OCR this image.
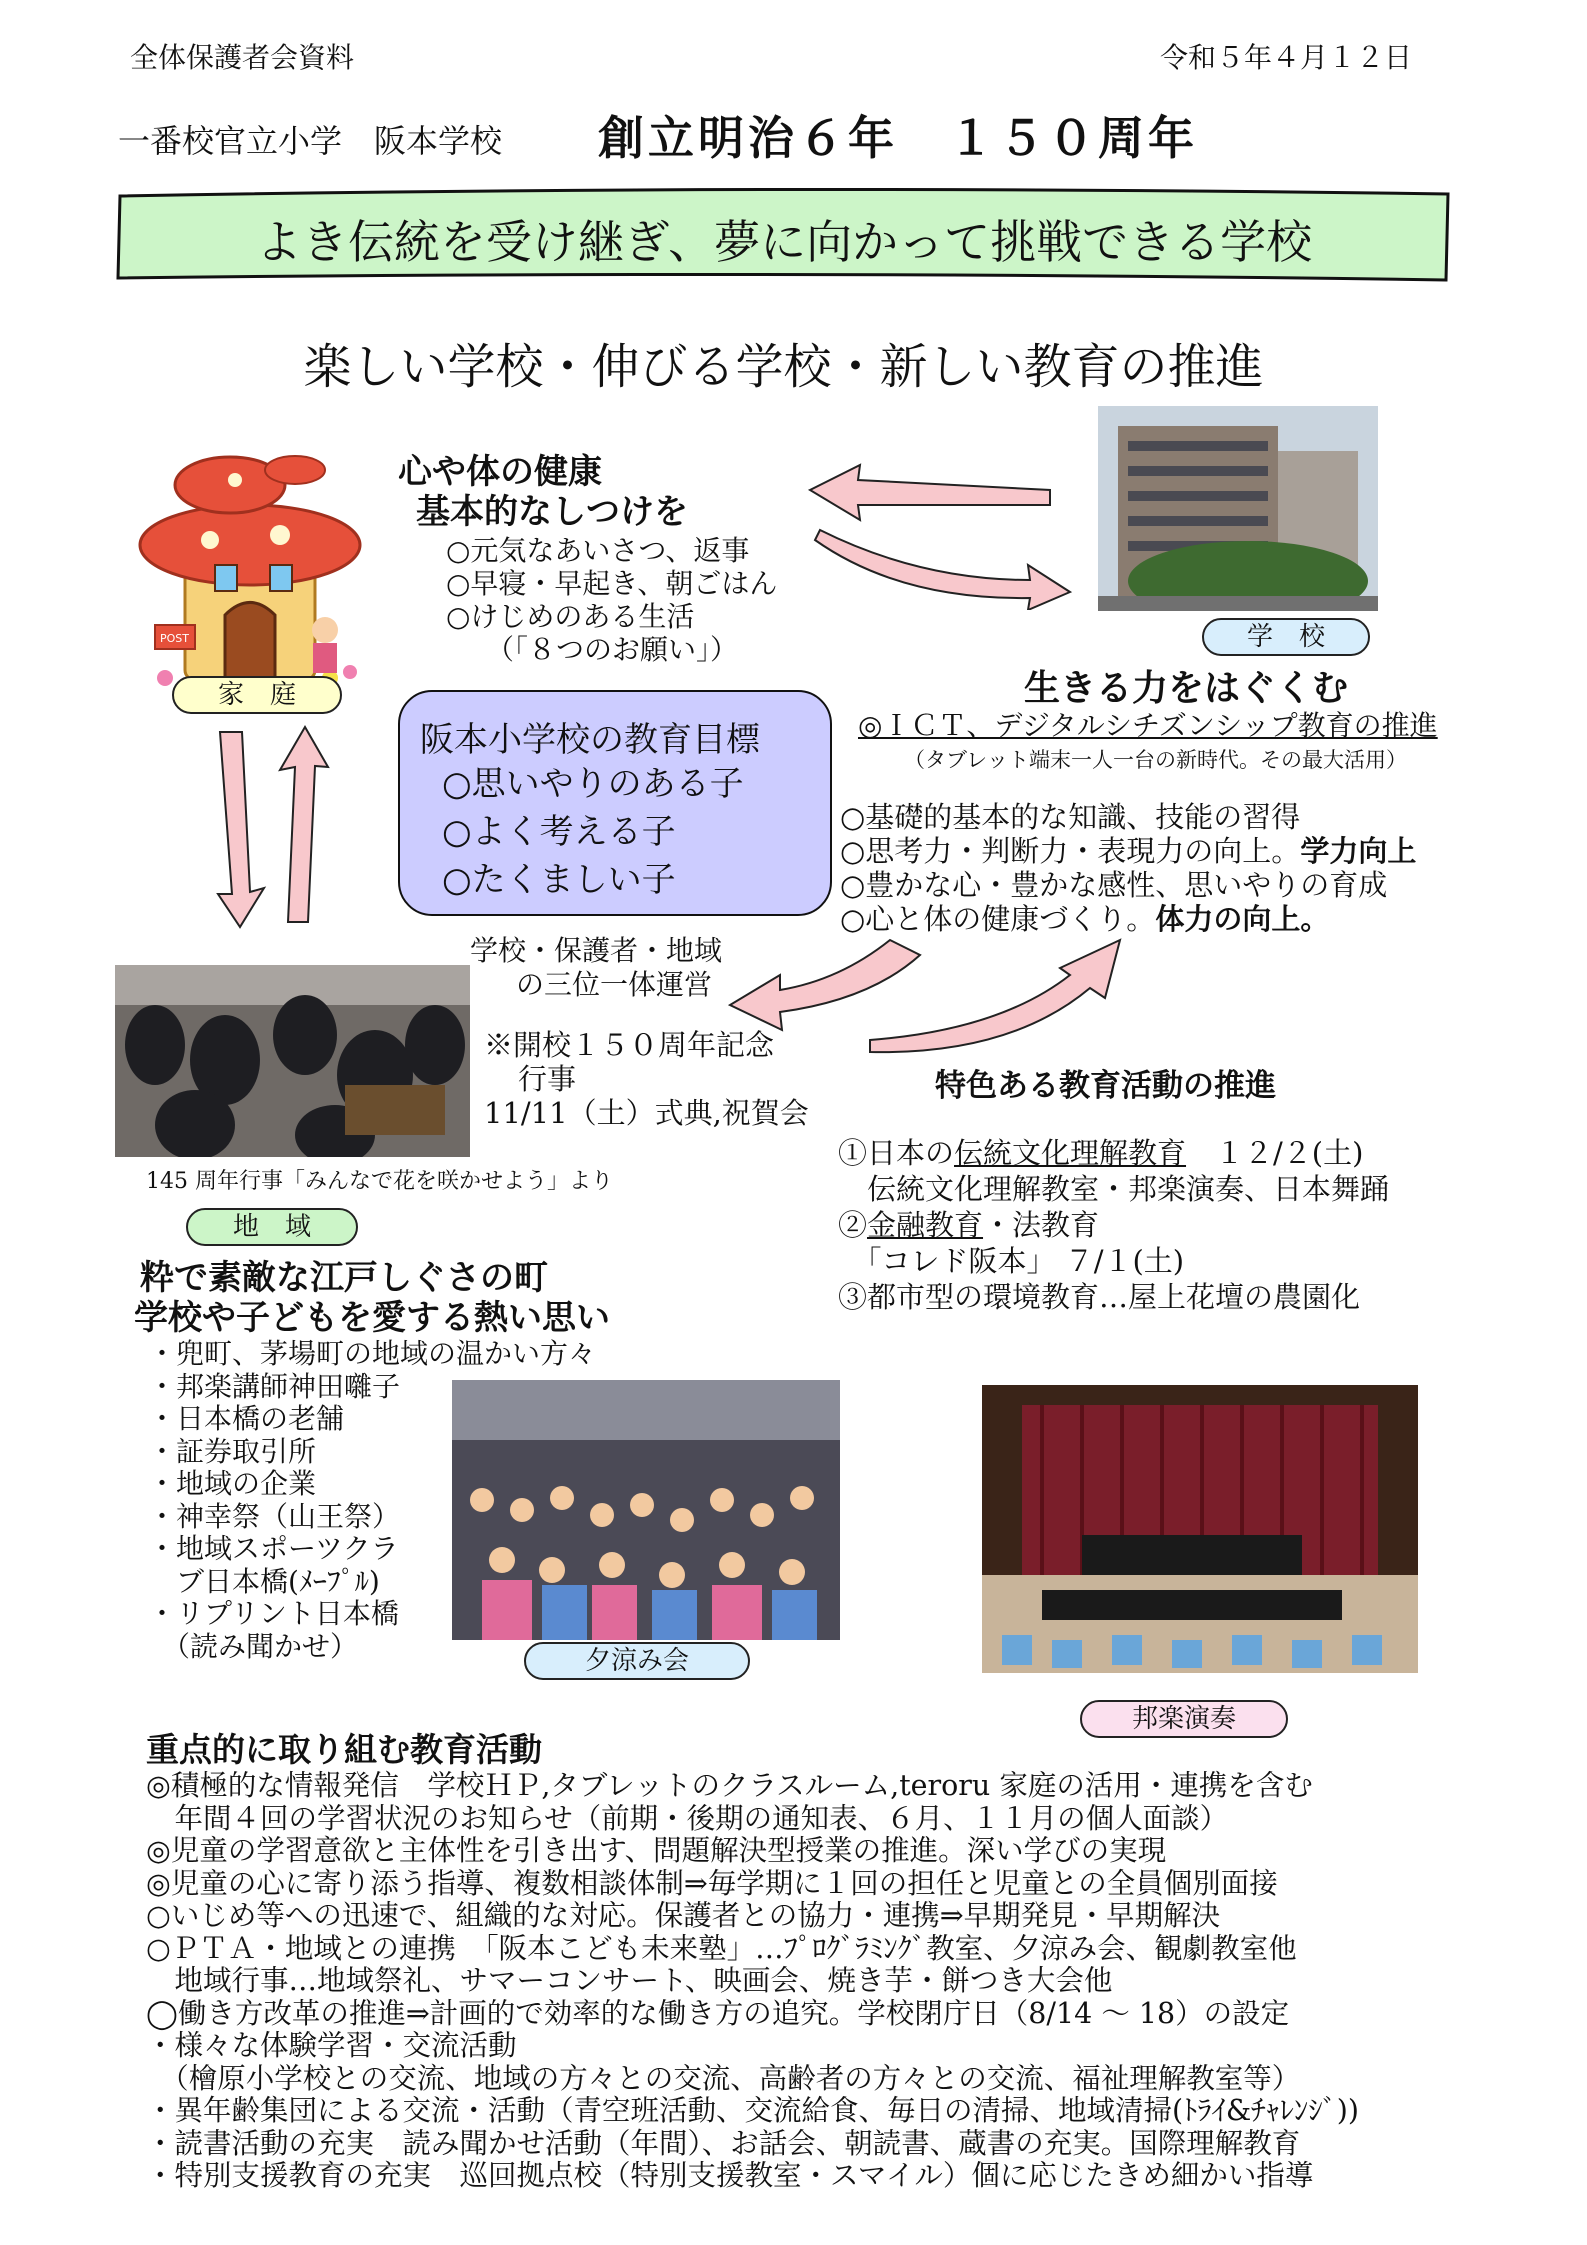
全体保護者会資料	令和５年４月１２日
一番校官立小学　阪本学校 創立明治６年　１５０周年
よき伝統を受け継ぎ、夢に向かって挑戦できる学校
楽しい学校・伸びる学校・新しい教育の推進
POST
心や体の健康
基本的なしつけを
○元気なあいさつ、返事
○早寝・早起き、朝ごはん
○けじめのある生活
（「８つのお願い」）
家　庭
学　校
阪本小学校の教育目標
○思いやりのある子
○よく考える子
○たくましい子
生きる力をはぐくむ
◎ＩＣＴ、デジタルシチズンシップ教育の推進
（タブレット端末一人一台の新時代。その最大活用）
○基礎的基本的な知識、技能の習得
○思考力・判断力・表現力の向上。学力向上
○豊かな心・豊かな感性、思いやりの育成
○心と体の健康づくり。体力の向上。
学校・保護者・地域
の三位一体運営
※開校１５０周年記念
行事
11/11（土）式典,祝賀会
145 周年行事「みんなで花を咲かせよう」より
地　域
特色ある教育活動の推進
①日本の伝統文化理解教育　１２/２(土)
　伝統文化理解教室・邦楽演奏、日本舞踊
②金融教育・法教育
　「コレド阪本」 ７/１(土)
③都市型の環境教育…屋上花壇の農園化
粋で素敵な江戸しぐさの町
学校や子どもを愛する熱い思い
・兜町、茅場町の地域の温かい方々
・邦楽講師神田囃子
・日本橋の老舗
・証券取引所
・地域の企業
・神幸祭（山王祭）
・地域スポーツクラ
　ブ日本橋(ﾒｰﾌﾟﾙ)
・リプリント日本橋
　（読み聞かせ）	夕涼み会
邦楽演奏
重点的に取り組む教育活動
◎積極的な情報発信　学校ＨＰ,タブレットのクラスルーム,teroru 家庭の活用・連携を含む
　年間４回の学習状況のお知らせ（前期・後期の通知表、６月、１１月の個人面談）
◎児童の学習意欲と主体性を引き出す、問題解決型授業の推進。深い学びの実現
◎児童の心に寄り添う指導、複数相談体制⇒毎学期に１回の担任と児童との全員個別面接
○いじめ等への迅速で、組織的な対応。保護者との協力・連携⇒早期発見・早期解決
○ＰＴＡ・地域との連携　「阪本こども未来塾」…ﾌﾟﾛｸﾞﾗﾐﾝｸﾞ教室、夕涼み会、観劇教室他
　地域行事…地域祭礼、サマーコンサート、映画会、焼き芋・餅つき大会他
◯働き方改革の推進⇒計画的で効率的な働き方の追究。学校閉庁日（8/14 ～ 18）の設定
・様々な体験学習・交流活動
　（檜原小学校との交流、地域の方々との交流、高齢者の方々との交流、福祉理解教室等）
・異年齢集団による交流・活動（青空班活動、交流給食、毎日の清掃、地域清掃(ﾄﾗｲ&ﾁｬﾚﾝｼﾞ))
・読書活動の充実　読み聞かせ活動（年間）、お話会、朝読書、蔵書の充実。国際理解教育
・特別支援教育の充実　巡回拠点校（特別支援教室・スマイル）個に応じたきめ細かい指導
